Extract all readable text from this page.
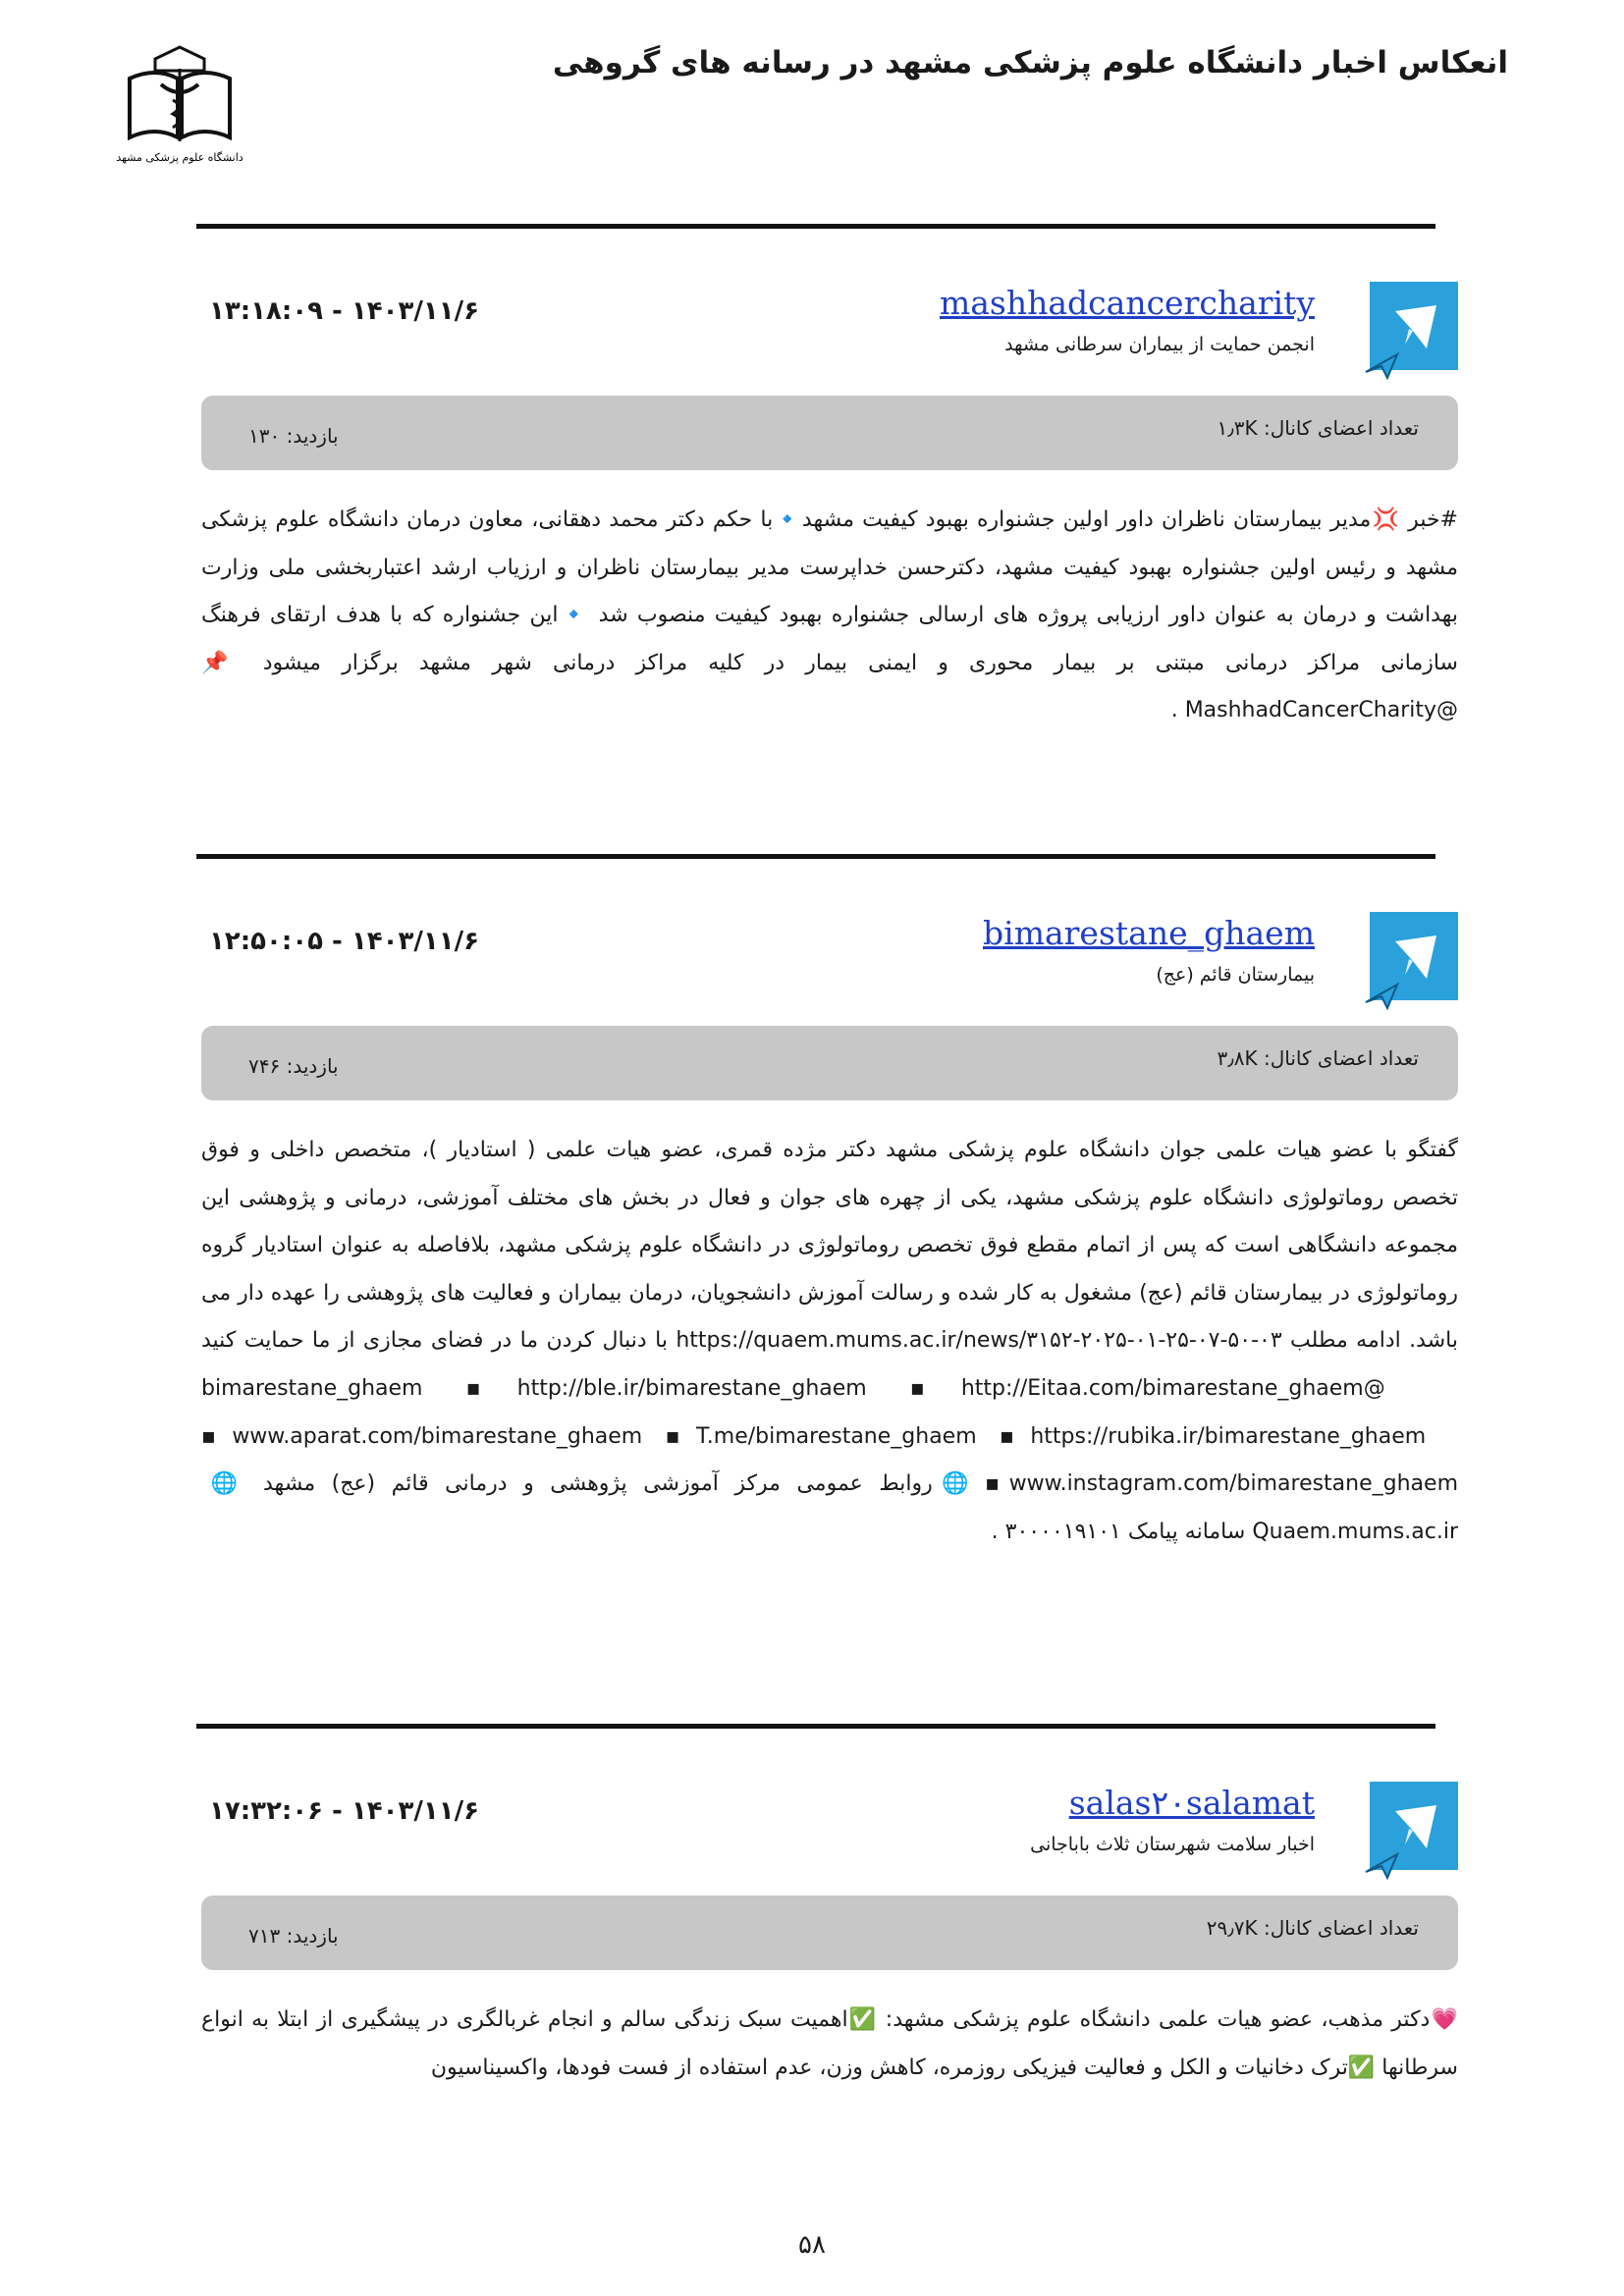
انعکاس اخبار دانشگاه علوم پزشکی مشهد در رسانه های گروهی
دانشگاه علوم پزشکی مشهد
mashhadcancercharity
انجمن حمایت از بیماران سرطانی مشهد
۱۳:۱۸:۰۹ - ۱۴۰۳/۱۱/۶
تعداد اعضای کانال: ۱٫۳K
بازدید: ۱۳۰
#خبر 💢مدیر بیمارستان ناظران داور اولین جشنواره بهبود کیفیت مشهد🔹با حکم دکتر محمد دهقانی، معاون درمان دانشگاه علوم پزشکی مشهد و رئیس اولین جشنواره بهبود کیفیت مشهد، دکترحسن خداپرست مدیر بیمارستان ناظران و ارزیاب ارشد اعتباربخشی ملی وزارت بهداشت و درمان به عنوان داور ارزیابی پروژه های ارسالی جشنواره بهبود کیفیت منصوب شد 🔹این جشنواره که با هدف ارتقای فرهنگ سازمانی مراکز درمانی مبتنی بر بیمار محوری و ایمنی بیمار در کلیه مراکز درمانی شهر مشهد برگزار میشود 📌@MashhadCancerCharity .
bimarestane_ghaem
بیمارستان قائم (عج)
۱۲:۵۰:۰۵ - ۱۴۰۳/۱۱/۶
تعداد اعضای کانال: ۳٫۸K
بازدید: ۷۴۶
گفتگو با عضو هیات علمی جوان دانشگاه علوم پزشکی مشهد دکتر مژده قمری، عضو هیات علمی ( استادیار )، متخصص داخلی و فوق تخصص روماتولوژی دانشگاه علوم پزشکی مشهد، یکی از چهره های جوان و فعال در بخش های مختلف آموزشی، درمانی و پژوهشی این مجموعه دانشگاهی است که پس از اتمام مقطع فوق تخصص روماتولوژی در دانشگاه علوم پزشکی مشهد، بلافاصله به عنوان استادیار گروه روماتولوژی در بیمارستان قائم (عج) مشغول به کار شده و رسالت آموزش دانشجویان، درمان بیماران و فعالیت های پژوهشی را عهده دار می باشد. ادامه مطلب https://quaem.mums.ac.ir/news/۳۱۵۲-۲۰۲۵-۰۱-۲۵-۰۷-۵۰-۰۳ با دنبال کردن ما در فضای مجازی از ما حمایت کنید @bimarestane_ghaem ▪http://ble.ir/bimarestane_ghaem ▪http://Eitaa.com/bimarestane_ghaem ▪www.aparat.com/bimarestane_ghaem ▪T.me/bimarestane_ghaem ▪https://rubika.ir/bimarestane_ghaem ▪www.instagram.com/bimarestane_ghaem 🌐روابط عمومی مرکز آموزشی پژوهشی و درمانی قائم (عج) مشهد 🌐Quaem.mums.ac.ir سامانه پیامک ۳۰۰۰۰۱۹۱۰۱ .
salas۲۰salamat
اخبار سلامت شهرستان ثلاث باباجانی
۱۷:۳۲:۰۶ - ۱۴۰۳/۱۱/۶
تعداد اعضای کانال: ۲۹٫۷K
بازدید: ۷۱۳
💗دکتر مذهب، عضو هیات علمی دانشگاه علوم پزشکی مشهد: ✅اهمیت سبک زندگی سالم و انجام غربالگری در پیشگیری از ابتلا به انواع سرطانها ✅ترک دخانیات و الکل و فعالیت فیزیکی روزمره، کاهش وزن، عدم استفاده از فست فودها، واکسیناسیون
۵۸
